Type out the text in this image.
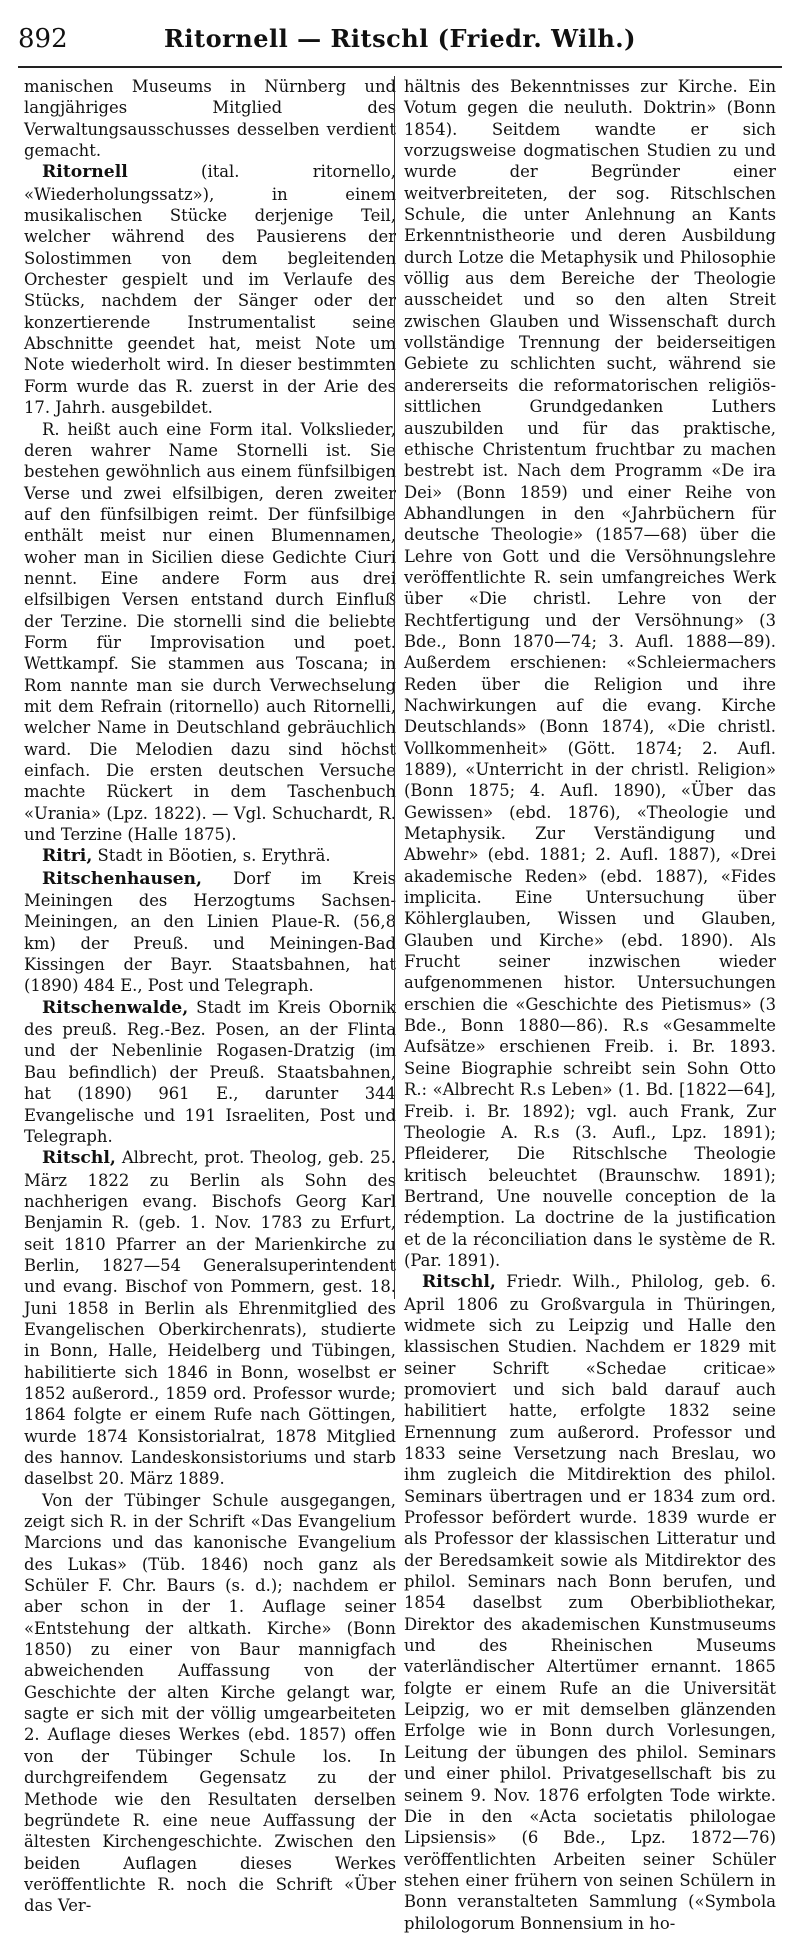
892	Ritornell — Ritschl (Friedr. Wilh.)

manischen Museums in Nürnberg und langjähriges Mitglied des Verwaltungsausschusses desselben verdient gemacht.

Ritornell (ital. ritornello, «Wiederholungssatz»), in einem musikalischen Stücke derjenige Teil, welcher während des Pausierens der Solostimmen von dem begleitenden Orchester gespielt und im Verlaufe des Stücks, nachdem der Sänger oder der konzertierende Instrumentalist seine Abschnitte geendet hat, meist Note um Note wiederholt wird. In dieser bestimmten Form wurde das R. zuerst in der Arie des 17. Jahrh. ausgebildet.

R. heißt auch eine Form ital. Volkslieder, deren wahrer Name Stornelli ist. Sie bestehen gewöhnlich aus einem fünfsilbigen Verse und zwei elfsilbigen, deren zweiter auf den fünfsilbigen reimt. Der fünfsilbige enthält meist nur einen Blumennamen, woher man in Sicilien diese Gedichte Ciuri nennt. Eine andere Form aus drei elfsilbigen Versen entstand durch Einfluß der Terzine. Die stornelli sind die beliebte Form für Improvisation und poet. Wettkampf. Sie stammen aus Toscana; in Rom nannte man sie durch Verwechselung mit dem Refrain (ritornello) auch Ritornelli, welcher Name in Deutschland gebräuchlich ward. Die Melodien dazu sind höchst einfach. Die ersten deutschen Versuche machte Rückert in dem Taschenbuch «Urania» (Lpz. 1822). — Vgl. Schuchardt, R. und Terzine (Halle 1875).

Ritri, Stadt in Böotien, s. Erythrä.

Ritschenhausen, Dorf im Kreis Meiningen des Herzogtums Sachsen-Meiningen, an den Linien Plaue-R. (56,8 km) der Preuß. und Meiningen-Bad Kissingen der Bayr. Staatsbahnen, hat (1890) 484 E., Post und Telegraph.

Ritschenwalde, Stadt im Kreis Obornik des preuß. Reg.-Bez. Posen, an der Flinta und der Nebenlinie Rogasen-Dratzig (im Bau befindlich) der Preuß. Staatsbahnen, hat (1890) 961 E., darunter 344 Evangelische und 191 Israeliten, Post und Telegraph.

Ritschl, Albrecht, prot. Theolog, geb. 25. März 1822 zu Berlin als Sohn des nachherigen evang. Bischofs Georg Karl Benjamin R. (geb. 1. Nov. 1783 zu Erfurt, seit 1810 Pfarrer an der Marienkirche zu Berlin, 1827—54 Generalsuperintendent und evang. Bischof von Pommern, gest. 18. Juni 1858 in Berlin als Ehrenmitglied des Evangelischen Oberkirchenrats), studierte in Bonn, Halle, Heidelberg und Tübingen, habilitierte sich 1846 in Bonn, woselbst er 1852 außerord., 1859 ord. Professor wurde; 1864 folgte er einem Rufe nach Göttingen, wurde 1874 Konsistorialrat, 1878 Mitglied des hannov. Landeskonsistoriums und starb daselbst 20. März 1889.

Von der Tübinger Schule ausgegangen, zeigt sich R. in der Schrift «Das Evangelium Marcions und das kanonische Evangelium des Lukas» (Tüb. 1846) noch ganz als Schüler F. Chr. Baurs (s. d.); nachdem er aber schon in der 1. Auflage seiner «Entstehung der altkath. Kirche» (Bonn 1850) zu einer von Baur mannigfach abweichenden Auffassung von der Geschichte der alten Kirche gelangt war, sagte er sich mit der völlig umgearbeiteten 2. Auflage dieses Werkes (ebd. 1857) offen von der Tübinger Schule los. In durchgreifendem Gegensatz zu der Methode wie den Resultaten derselben begründete R. eine neue Auffassung der ältesten Kirchengeschichte. Zwischen den beiden Auflagen dieses Werkes veröffentlichte R. noch die Schrift «Über das Ver-

hältnis des Bekenntnisses zur Kirche. Ein Votum gegen die neuluth. Doktrin» (Bonn 1854). Seitdem wandte er sich vorzugsweise dogmatischen Studien zu und wurde der Begründer einer weitverbreiteten, der sog. Ritschlschen Schule, die unter Anlehnung an Kants Erkenntnistheorie und deren Ausbildung durch Lotze die Metaphysik und Philosophie völlig aus dem Bereiche der Theologie ausscheidet und so den alten Streit zwischen Glauben und Wissenschaft durch vollständige Trennung der beiderseitigen Gebiete zu schlichten sucht, während sie andererseits die reformatorischen religiös-sittlichen Grundgedanken Luthers auszubilden und für das praktische, ethische Christentum fruchtbar zu machen bestrebt ist. Nach dem Programm «De ira Dei» (Bonn 1859) und einer Reihe von Abhandlungen in den «Jahrbüchern für deutsche Theologie» (1857—68) über die Lehre von Gott und die Versöhnungslehre veröffentlichte R. sein umfangreiches Werk über «Die christl. Lehre von der Rechtfertigung und der Versöhnung» (3 Bde., Bonn 1870—74; 3. Aufl. 1888—89). Außerdem erschienen: «Schleiermachers Reden über die Religion und ihre Nachwirkungen auf die evang. Kirche Deutschlands» (Bonn 1874), «Die christl. Vollkommenheit» (Gött. 1874; 2. Aufl. 1889), «Unterricht in der christl. Religion» (Bonn 1875; 4. Aufl. 1890), «Über das Gewissen» (ebd. 1876), «Theologie und Metaphysik. Zur Verständigung und Abwehr» (ebd. 1881; 2. Aufl. 1887), «Drei akademische Reden» (ebd. 1887), «Fides implicita. Eine Untersuchung über Köhlerglauben, Wissen und Glauben, Glauben und Kirche» (ebd. 1890). Als Frucht seiner inzwischen wieder aufgenommenen histor. Untersuchungen erschien die «Geschichte des Pietismus» (3 Bde., Bonn 1880—86). R.s «Gesammelte Aufsätze» erschienen Freib. i. Br. 1893. Seine Biographie schreibt sein Sohn Otto R.: «Albrecht R.s Leben» (1. Bd. [1822—64], Freib. i. Br. 1892); vgl. auch Frank, Zur Theologie A. R.s (3. Aufl., Lpz. 1891); Pfleiderer, Die Ritschlsche Theologie kritisch beleuchtet (Braunschw. 1891); Bertrand, Une nouvelle conception de la rédemption. La doctrine de la justification et de la réconciliation dans le système de R. (Par. 1891).

Ritschl, Friedr. Wilh., Philolog, geb. 6. April 1806 zu Großvargula in Thüringen, widmete sich zu Leipzig und Halle den klassischen Studien. Nachdem er 1829 mit seiner Schrift «Schedae criticae» promoviert und sich bald darauf auch habilitiert hatte, erfolgte 1832 seine Ernennung zum außerord. Professor und 1833 seine Versetzung nach Breslau, wo ihm zugleich die Mitdirektion des philol. Seminars übertragen und er 1834 zum ord. Professor befördert wurde. 1839 wurde er als Professor der klassischen Litteratur und der Beredsamkeit sowie als Mitdirektor des philol. Seminars nach Bonn berufen, und 1854 daselbst zum Oberbibliothekar, Direktor des akademischen Kunstmuseums und des Rheinischen Museums vaterländischer Altertümer ernannt. 1865 folgte er einem Rufe an die Universität Leipzig, wo er mit demselben glänzenden Erfolge wie in Bonn durch Vorlesungen, Leitung der übungen des philol. Seminars und einer philol. Privatgesellschaft bis zu seinem 9. Nov. 1876 erfolgten Tode wirkte. Die in den «Acta societatis philologae Lipsiensis» (6 Bde., Lpz. 1872—76) veröffentlichten Arbeiten seiner Schüler stehen einer frühern von seinen Schülern in Bonn veranstalteten Sammlung («Symbola philologorum Bonnensium in ho-
